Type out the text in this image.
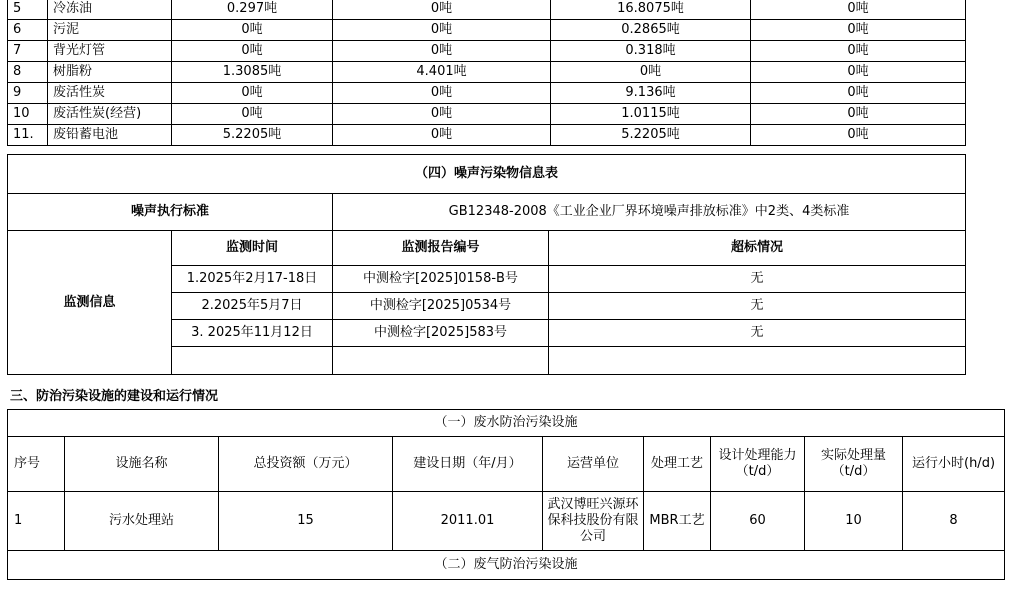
5	冷冻油	0.297吨	0吨	16.8075吨	0吨
6	污泥	0吨	0吨	0.2865吨	0吨
7	背光灯管	0吨	0吨	0.318吨	0吨
8	树脂粉	1.3085吨	4.401吨	0吨	0吨
9	废活性炭	0吨	0吨	9.136吨	0吨
10	废活性炭(经营)	0吨	0吨	1.0115吨	0吨
11.	废铅蓄电池	5.2205吨	0吨	5.2205吨	0吨
（四）噪声污染物信息表			
噪声执行标准		GB12348-2008《工业企业厂界环境噪声排放标准》中2类、4类标准	
监测信息	监测时间	监测报告编号	超标情况
	1.2025年2月17-18日	中测检字[2025]0158-B号	无
	2.2025年5月7日	中测检字[2025]0534号	无
	3. 2025年11月12日	中测检字[2025]583号	无

三、防治污染设施的建设和运行情况
（一）废水防治污染设施								
序号	设施名称	总投资额（万元）	建设日期（年/月）	运营单位	处理工艺	设计处理能力（t/d）	实际处理量（t/d）	运行小时(h/d)
1	污水处理站	15	2011.01	武汉博旺兴源环保科技股份有限公司	MBR工艺	60	10	8
（二）废气防治污染设施								
